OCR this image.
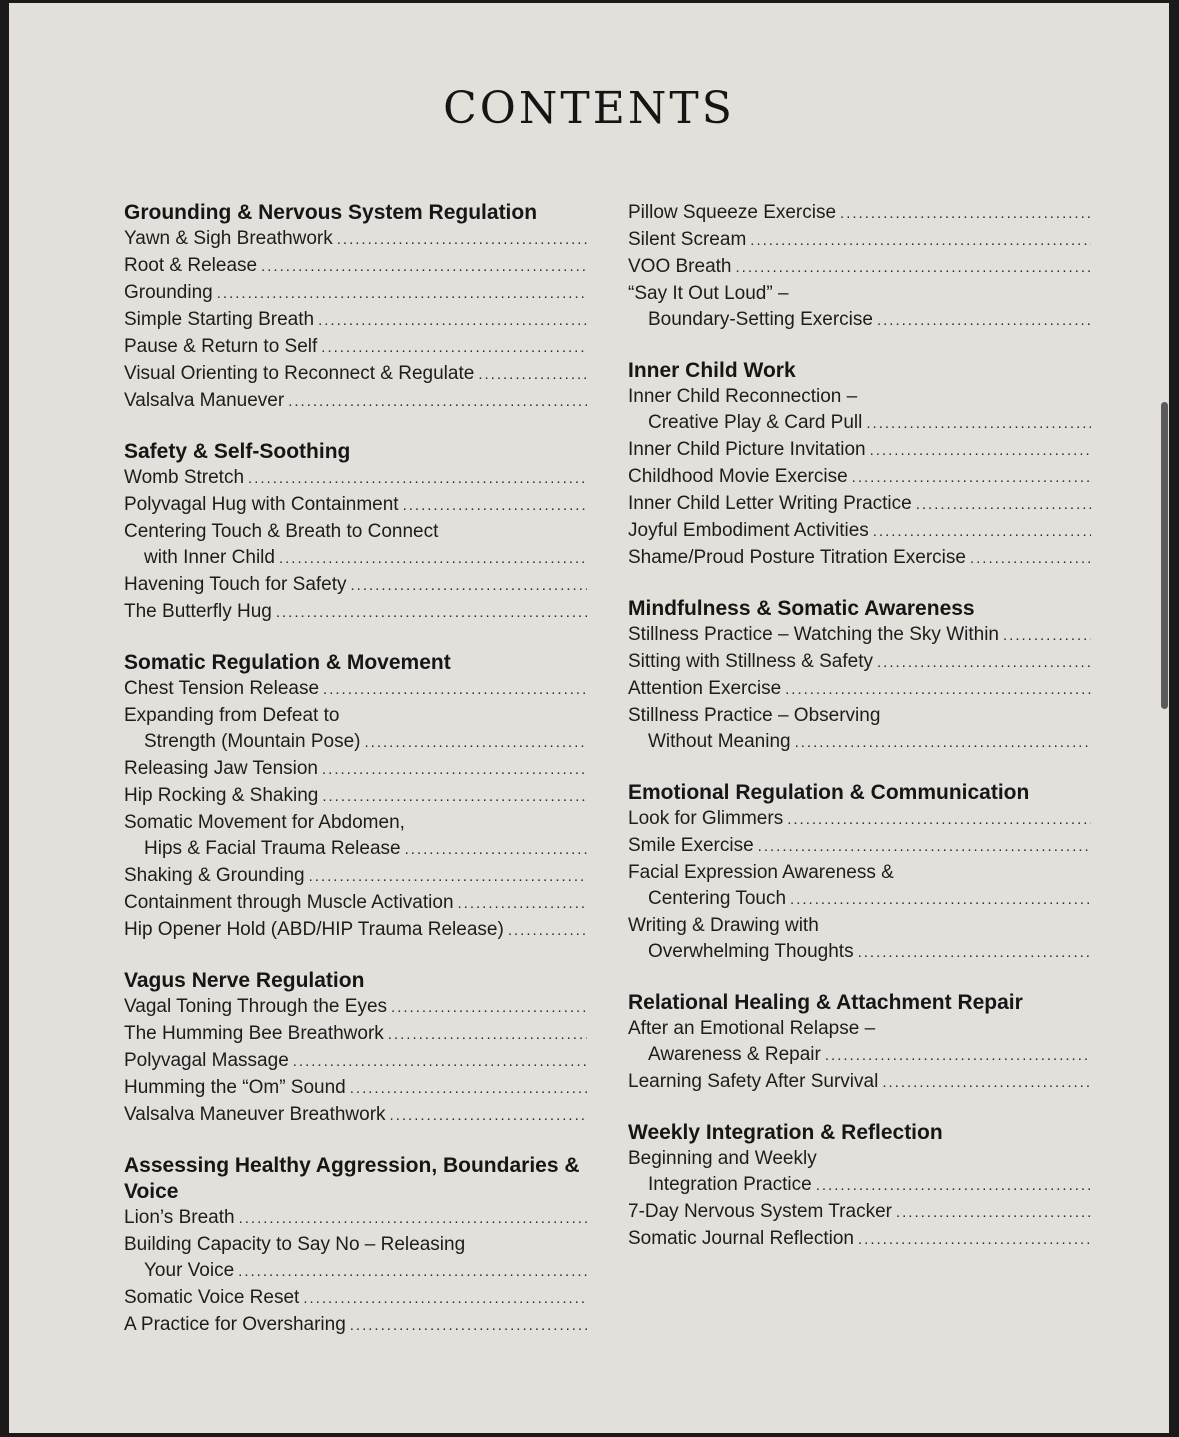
CONTENTS
Grounding & Nervous System Regulation
Yawn & Sigh Breathwork
.....
Root & Release
.....
Grounding
.....
Simple Starting Breath
.....
Pause & Return to Self
.....
Visual Orienting to Reconnect & Regulate
.....
Valsalva Manuever
.....
Safety & Self-Soothing
Womb Stretch
.....
Polyvagal Hug with Containment
.....
Centering Touch & Breath to Connect
with Inner Child
.....
Havening Touch for Safety
.....
The Butterfly Hug
.....
Somatic Regulation & Movement
Chest Tension Release
.....
Expanding from Defeat to
Strength (Mountain Pose)
.....
Releasing Jaw Tension
.....
Hip Rocking & Shaking
.....
Somatic Movement for Abdomen,
Hips & Facial Trauma Release
.....
Shaking & Grounding
.....
Containment through Muscle Activation
.....
Hip Opener Hold (ABD/HIP Trauma Release)
.....
Vagus Nerve Regulation
Vagal Toning Through the Eyes
.....
The Humming Bee Breathwork
.....
Polyvagal Massage
.....
Humming the “Om” Sound
.....
Valsalva Maneuver Breathwork
.....
Assessing Healthy Aggression, Boundaries & Voice
Lion’s Breath
.....
Building Capacity to Say No – Releasing
Your Voice
.....
Somatic Voice Reset
.....
A Practice for Oversharing
.....
Pillow Squeeze Exercise
.....
Silent Scream
.....
VOO Breath
.....
“Say It Out Loud” –
Boundary-Setting Exercise
.....
Inner Child Work
Inner Child Reconnection –
Creative Play & Card Pull
.....
Inner Child Picture Invitation
.....
Childhood Movie Exercise
.....
Inner Child Letter Writing Practice
.....
Joyful Embodiment Activities
.....
Shame/Proud Posture Titration Exercise
.....
Mindfulness & Somatic Awareness
Stillness Practice – Watching the Sky Within
.....
Sitting with Stillness & Safety
.....
Attention Exercise
.....
Stillness Practice – Observing
Without Meaning
.....
Emotional Regulation & Communication
Look for Glimmers
.....
Smile Exercise
.....
Facial Expression Awareness &
Centering Touch
.....
Writing & Drawing with
Overwhelming Thoughts
.....
Relational Healing & Attachment Repair
After an Emotional Relapse –
Awareness & Repair
.....
Learning Safety After Survival
.....
Weekly Integration & Reflection
Beginning and Weekly
Integration Practice
.....
7-Day Nervous System Tracker
.....
Somatic Journal Reflection
.....
